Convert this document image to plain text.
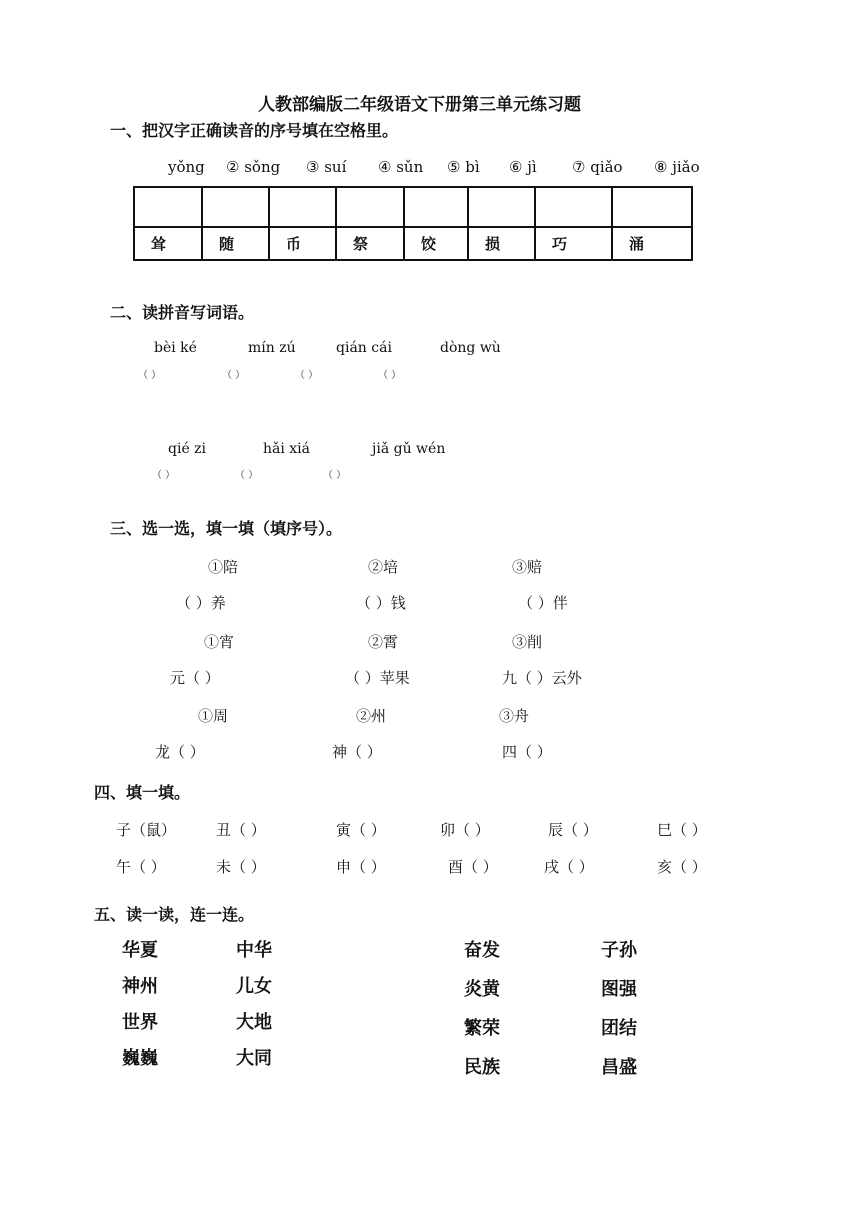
人教部编版二年级语文下册第三单元练习题
一、把汉字正确读音的序号填在空格里。
yǒng ② sǒng ③ suí ④ sǔn ⑤ bì ⑥ jì ⑦ qiǎo ⑧ jiǎo
耸	随	币	祭	饺	损	巧	涌
二、读拼音写词语。
bèi ké	mín zú	qián cái	dòng wù
（ ）	（ ）	（ ）	（ ）
qié zi	hǎi xiá	jiǎ gǔ wén
（ ）	（ ）	（ ）
三、选一选，填一填（填序号）。
①陪	②培	③赔
（ ）养	（ ）钱	（ ）伴
①宵	②霄	③削
元（ ）	（ ）苹果	九（ ）云外
①周	②州	③舟
龙（ ）	神（ ）	四（ ）
四、填一填。
子（鼠）	丑（ ）	寅（ ）	卯（ ）	辰（ ）	巳（ ）
午（ ）	未（ ）	申（ ）	酉（ ）	戌（ ）	亥（ ）
五、读一读，连一连。
华夏
神州
世界
巍巍
中华
儿女
大地
大同
奋发
炎黄
繁荣
民族
子孙
图强
团结
昌盛
